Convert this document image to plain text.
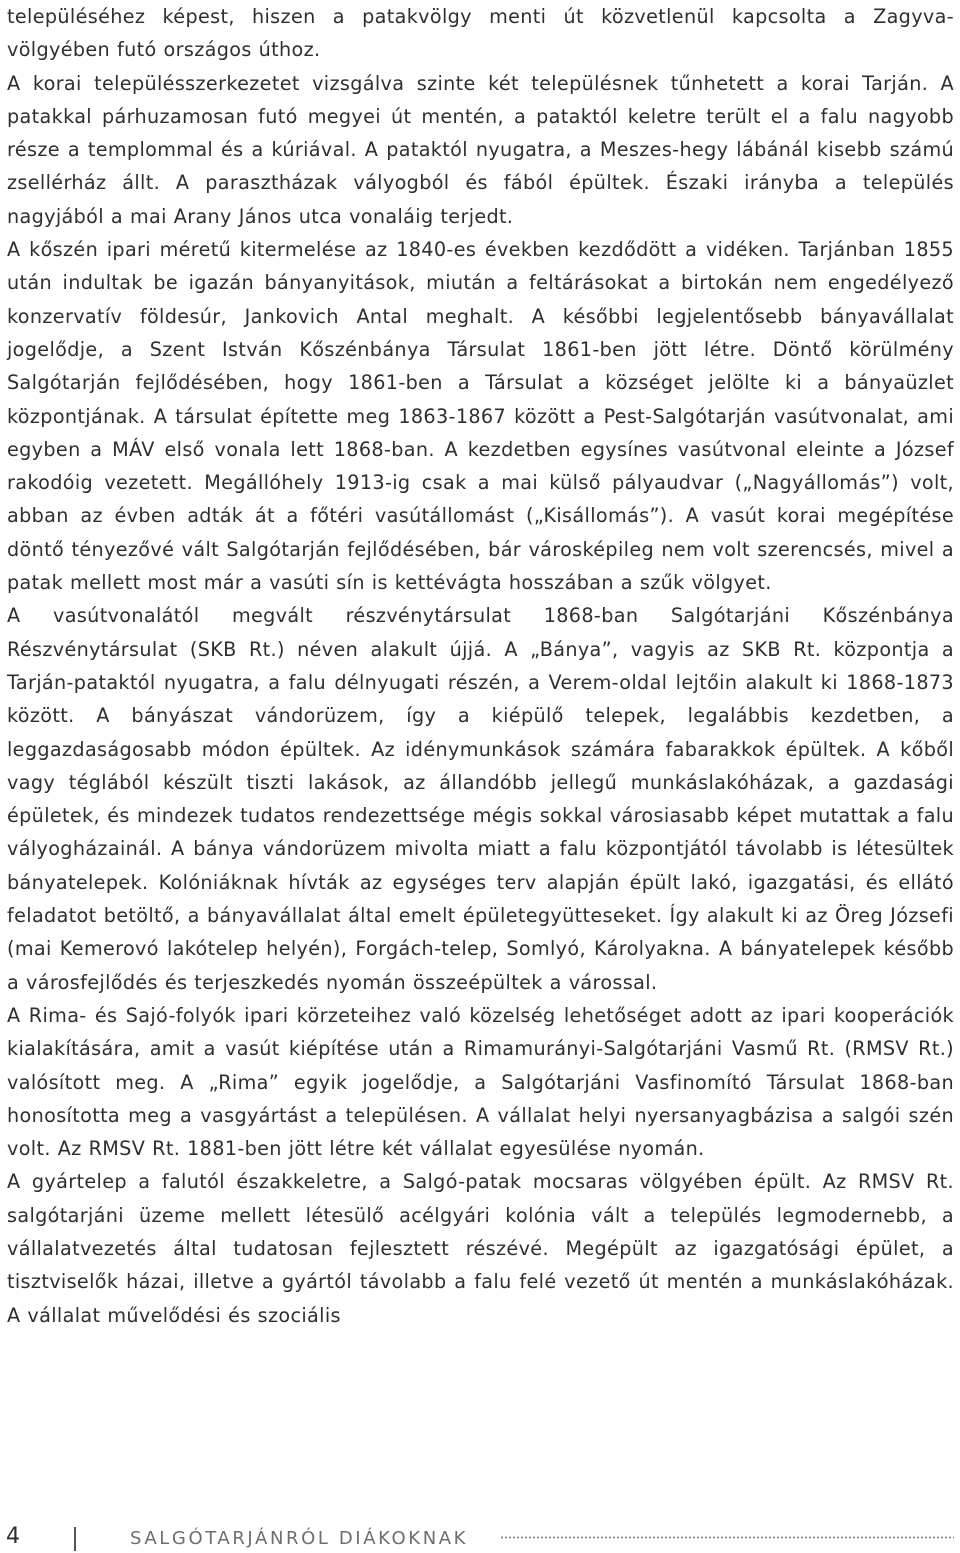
településéhez képest, hiszen a patakvölgy menti út közvetlenül kapcsolta a Zagyva-völgyében futó országos úthoz.

A korai településszerkezetet vizsgálva szinte két településnek tűnhetett a korai Tarján. A patakkal párhuzamosan futó megyei út mentén, a pataktól keletre terült el a falu nagyobb része a templommal és a kúriával. A pataktól nyugatra, a Meszes-hegy lábánál kisebb számú zsellérház állt. A parasztházak vályogból és fából épültek. Északi irányba a település nagyjából a mai Arany János utca vonaláig terjedt.

A kőszén ipari méretű kitermelése az 1840-es években kezdődött a vidéken. Tarjánban 1855 után indultak be igazán bányanyitások, miután a feltárásokat a birtokán nem engedélyező konzervatív földesúr, Jankovich Antal meghalt. A későbbi legjelentősebb bányavállalat jogelődje, a Szent István Kőszénbánya Társulat 1861-ben jött létre. Döntő körülmény Salgótarján fejlődésében, hogy 1861-ben a Társulat a községet jelölte ki a bányaüzlet központjának. A társulat építette meg 1863-1867 között a Pest-Salgótarján vasútvonalat, ami egyben a MÁV első vonala lett 1868-ban. A kezdetben egysínes vasútvonal eleinte a József rakodóig vezetett. Megállóhely 1913-ig csak a mai külső pályaudvar („Nagyállomás”) volt, abban az évben adták át a főtéri vasútállomást („Kisállomás”). A vasút korai megépítése döntő tényezővé vált Salgótarján fejlődésében, bár városképileg nem volt szerencsés, mivel a patak mellett most már a vasúti sín is kettévágta hosszában a szűk völgyet.

A vasútvonalától megvált részvénytársulat 1868-ban Salgótarjáni Kőszénbánya Részvénytársulat (SKB Rt.) néven alakult újjá. A „Bánya”, vagyis az SKB Rt. központja a Tarján-pataktól nyugatra, a falu délnyugati részén, a Verem-oldal lejtőin alakult ki 1868-1873 között. A bányászat vándorüzem, így a kiépülő telepek, legalábbis kezdetben, a leggazdaságosabb módon épültek. Az idénymunkások számára fabarakkok épültek. A kőből vagy téglából készült tiszti lakások, az állandóbb jellegű munkáslakóházak, a gazdasági épületek, és mindezek tudatos rendezettsége mégis sokkal városiasabb képet mutattak a falu vályogházainál. A bánya vándorüzem mivolta miatt a falu központjától távolabb is létesültek bányatelepek. Kolóniáknak hívták az egységes terv alapján épült lakó, igazgatási, és ellátó feladatot betöltő, a bányavállalat által emelt épületegyütteseket. Így alakult ki az Öreg Józsefi (mai Kemerovó lakótelep helyén), Forgách-telep, Somlyó, Károlyakna. A bányatelepek később a városfejlődés és terjeszkedés nyomán összeépültek a várossal.

A Rima- és Sajó-folyók ipari körzeteihez való közelség lehetőséget adott az ipari kooperációk kialakítására, amit a vasút kiépítése után a Rimamurányi-Salgótarjáni Vasmű Rt. (RMSV Rt.) valósított meg. A „Rima” egyik jogelődje, a Salgótarjáni Vasfinomító Társulat 1868-ban honosította meg a vasgyártást a településen. A vállalat helyi nyersanyagbázisa a salgói szén volt. Az RMSV Rt. 1881-ben jött létre két vállalat egyesülése nyomán.

A gyártelep a falutól északkeletre, a Salgó-patak mocsaras völgyében épült. Az RMSV Rt. salgótarjáni üzeme mellett létesülő acélgyári kolónia vált a település legmodernebb, a vállalatvezetés által tudatosan fejlesztett részévé. Megépült az igazgatósági épület, a tisztviselők házai, illetve a gyártól távolabb a falu felé vezető út mentén a munkáslakóházak. A vállalat művelődési és szociális

4	SALGÓTARJÁNRÓL DIÁKOKNAK
